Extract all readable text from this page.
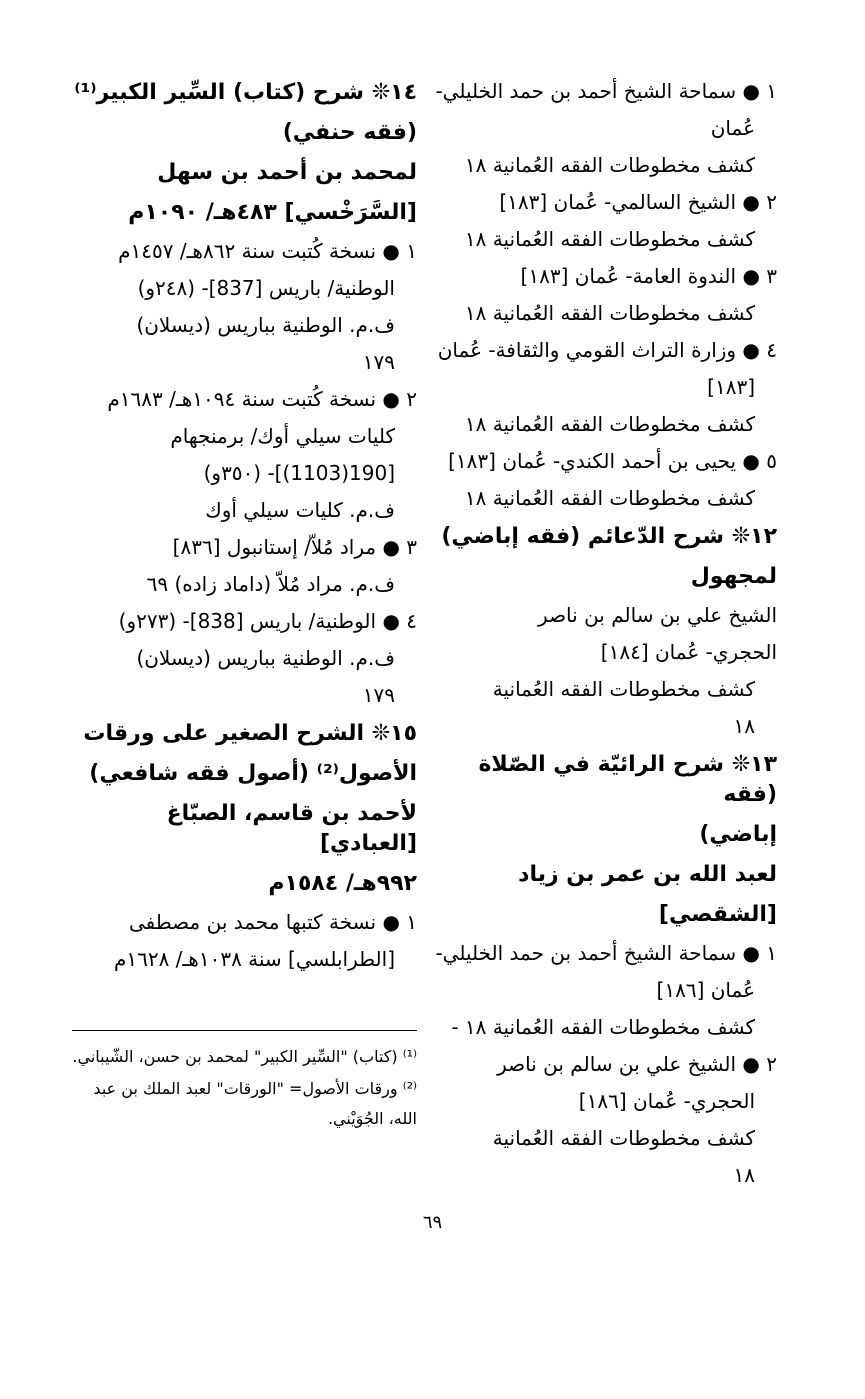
١ ● سماحة الشيخ أحمد بن حمد الخليلي-
عُمان
كشف مخطوطات الفقه العُمانية ١٨
٢ ● الشيخ السالمي- عُمان [١٨٣]
كشف مخطوطات الفقه العُمانية ١٨
٣ ● الندوة العامة- عُمان [١٨٣]
كشف مخطوطات الفقه العُمانية ١٨
٤ ● وزارة التراث القومي والثقافة- عُمان
[١٨٣]
كشف مخطوطات الفقه العُمانية ١٨
٥ ● يحيى بن أحمد الكندي- عُمان [١٨٣]
كشف مخطوطات الفقه العُمانية ١٨
١٢❊ شرح الدّعائم (فقه إباضي)
لمجهول
الشيخ علي بن سالم بن ناصر
الحجري- عُمان [١٨٤]
كشف مخطوطات الفقه العُمانية
١٨
١٣❊ شرح الرائيّة في الصّلاة (فقه
إباضي)
لعبد الله بن عمر بن زياد
[الشقصي]
١ ● سماحة الشيخ أحمد بن حمد الخليلي-
عُمان [١٨٦]
كشف مخطوطات الفقه العُمانية ١٨ -
٢ ● الشيخ علي بن سالم بن ناصر
الحجري- عُمان [١٨٦]
كشف مخطوطات الفقه العُمانية
١٨
١٤❊ شرح (كتاب) السِّير الكبير⁽¹⁾
(فقه حنفي)
لمحمد بن أحمد بن سهل
[السَّرَخْسي] ٤٨٣هـ/ ١٠٩٠م
١ ● نسخة كُتبت سنة ٨٦٢هـ/ ١٤٥٧م
الوطنية/ باريس [837]- (٢٤٨و)
ف.م. الوطنية بباريس (ديسلان)
١٧٩
٢ ● نسخة كُتبت سنة ١٠٩٤هـ/ ١٦٨٣م
كليات سيلي أوك/ برمنجهام
[190(1103)]- (٣٥٠و)
ف.م. كليات سيلي أوك
٣ ● مراد مُلاّ/ إستانبول [٨٣٦]
ف.م. مراد مُلاّ (داماد زاده) ٦٩
٤ ● الوطنية/ باريس [838]- (٢٧٣و)
ف.م. الوطنية بباريس (ديسلان)
١٧٩
١٥❊ الشرح الصغير على ورقات
الأصول⁽²⁾ (أصول فقه شافعي)
لأحمد بن قاسم، الصبّاغ [العبادي]
٩٩٢هـ/ ١٥٨٤م
١ ● نسخة كتبها محمد بن مصطفى
[الطرابلسي] سنة ١٠٣٨هـ/ ١٦٢٨م
⁽¹⁾ (كتاب) "السِّير الكبير" لمحمد بن حسن، الشّيباني.
⁽²⁾ ورقات الأصول= "الورقات" لعبد الملك بن عبد الله، الجُوَيْني.
٦٩
